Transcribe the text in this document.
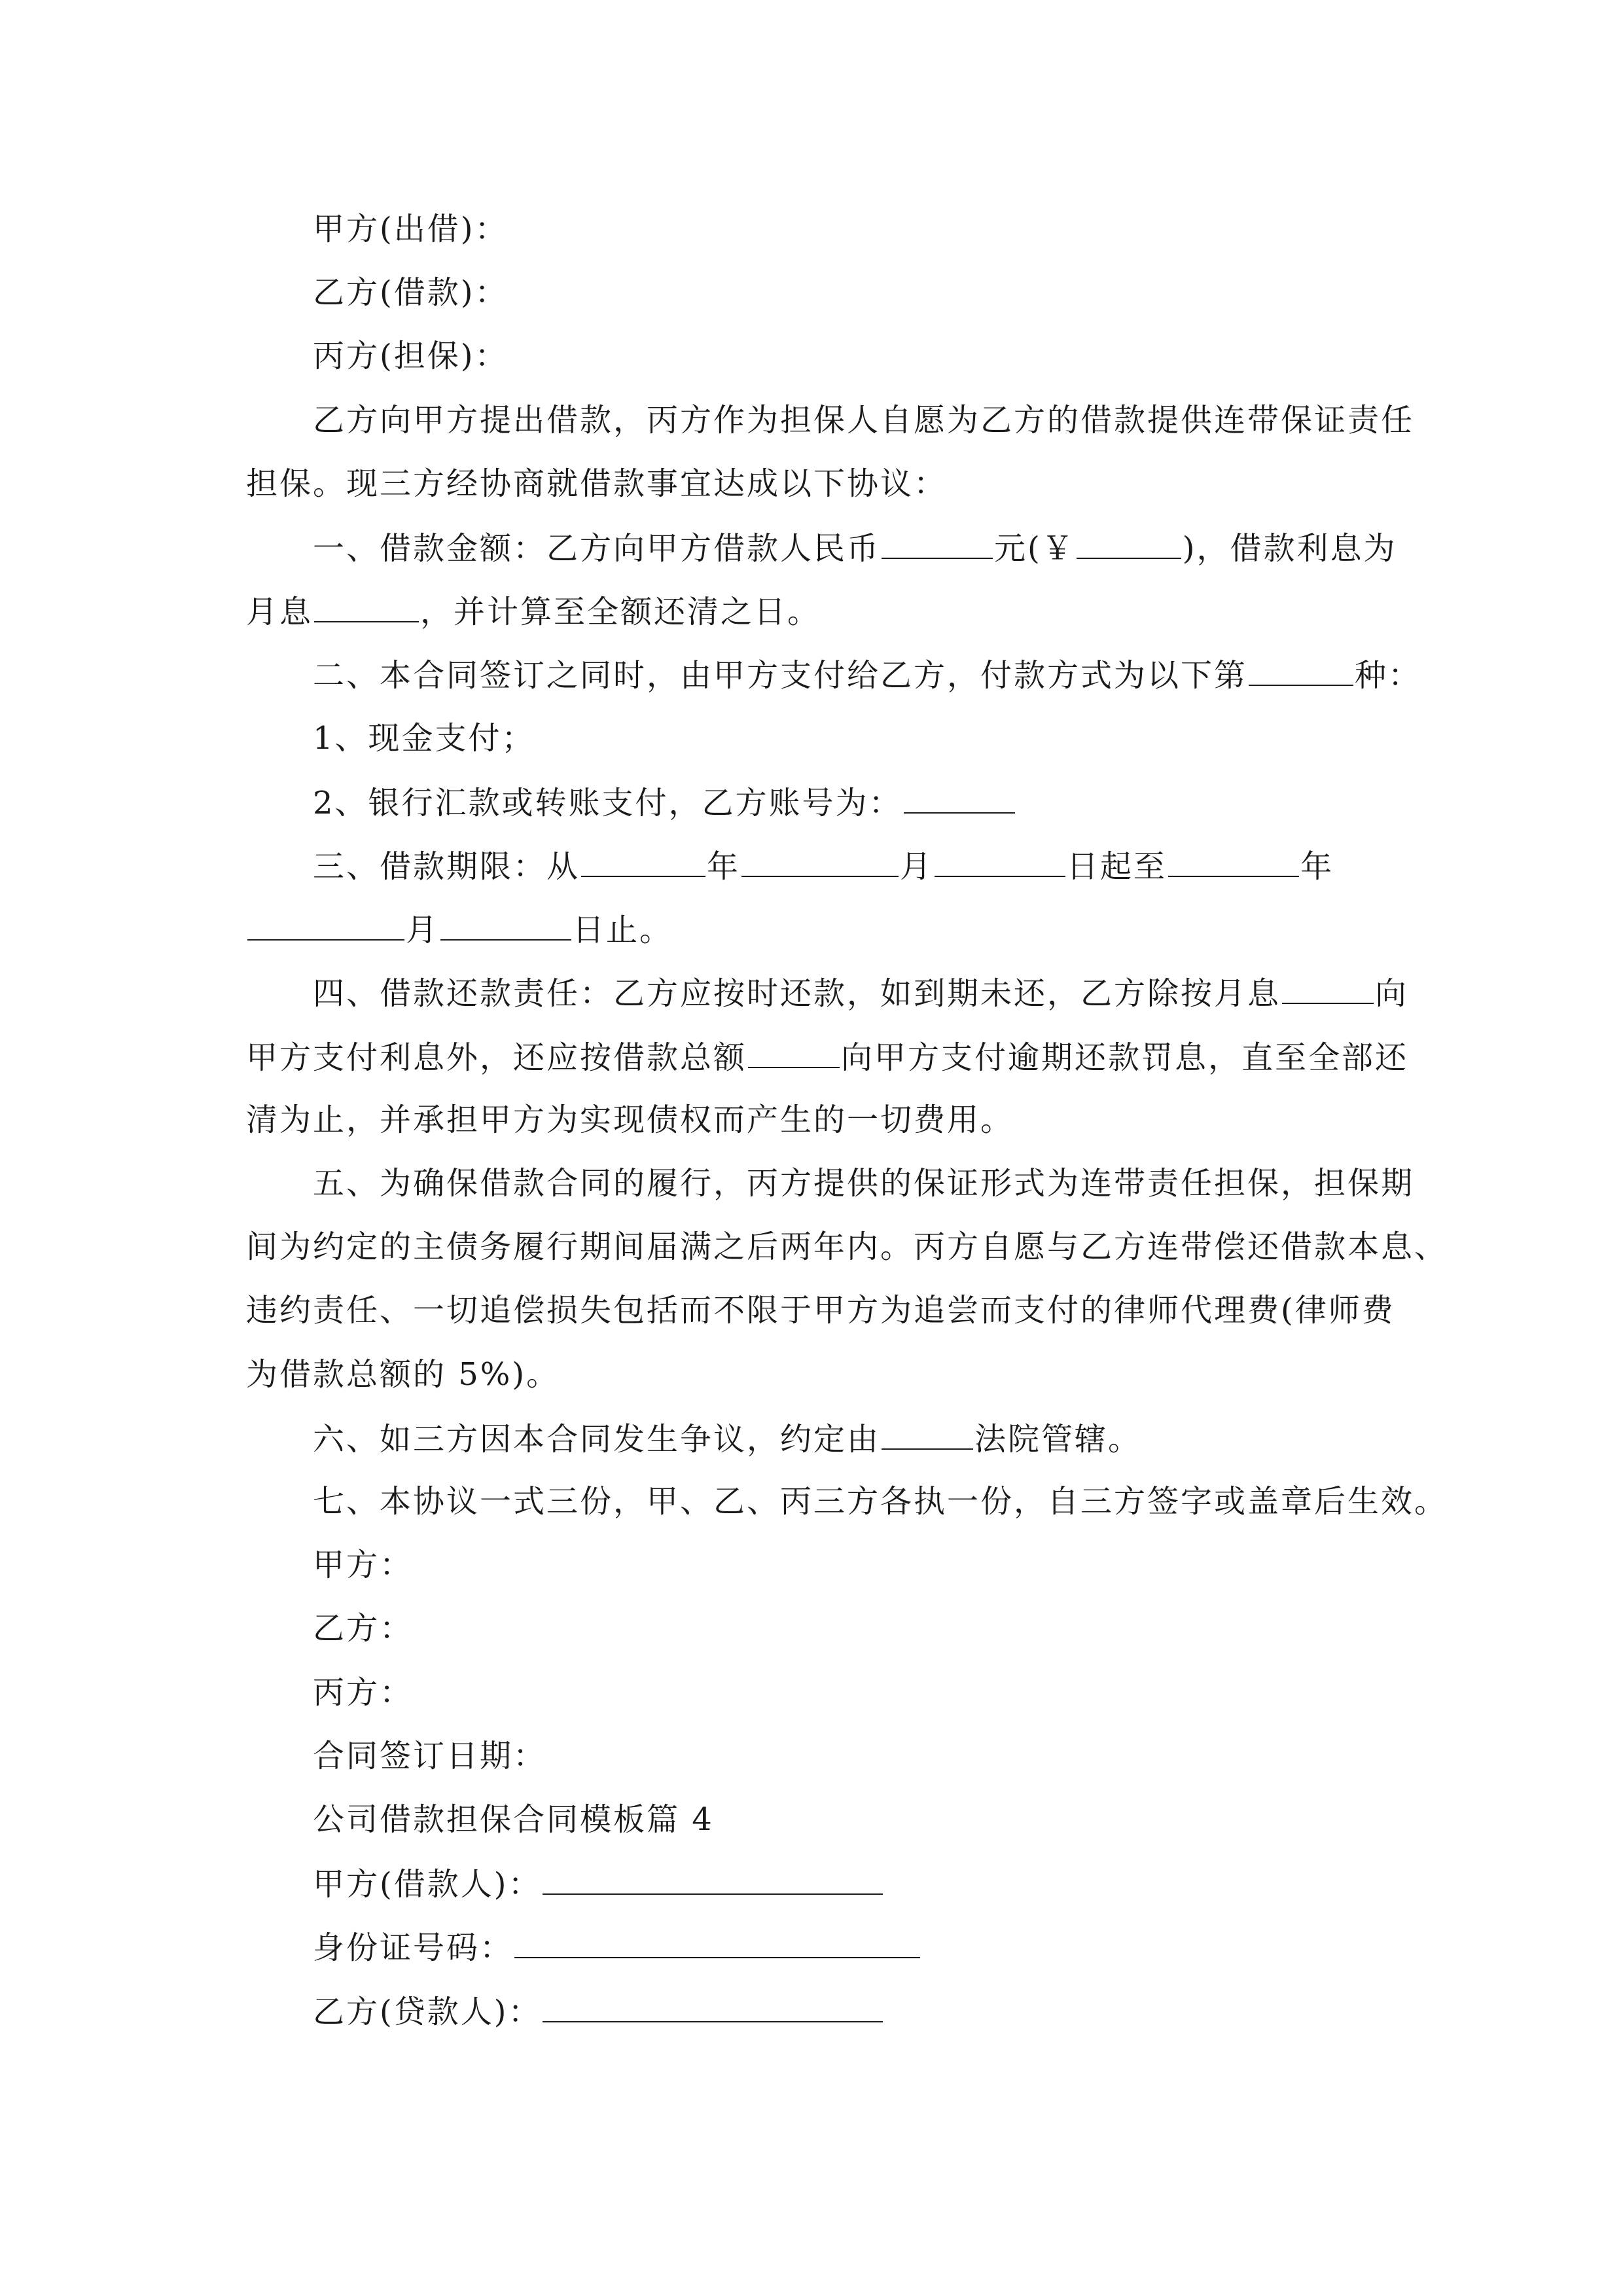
甲方(出借)：
乙方(借款)：
丙方(担保)：
乙方向甲方提出借款，丙方作为担保人自愿为乙方的借款提供连带保证责任
担保。现三方经协商就借款事宜达成以下协议：
一、借款金额：乙方向甲方借款人民币	元(￥	)，借款利息为
月息	，并计算至全额还清之日。
二、本合同签订之同时，由甲方支付给乙方，付款方式为以下第	种：
1、现金支付；
2、银行汇款或转账支付，乙方账号为：
三、借款期限：从	年	月	日起至	年
月	日止。
四、借款还款责任：乙方应按时还款，如到期未还，乙方除按月息	向
甲方支付利息外，还应按借款总额	向甲方支付逾期还款罚息，直至全部还
清为止，并承担甲方为实现债权而产生的一切费用。
五、为确保借款合同的履行，丙方提供的保证形式为连带责任担保，担保期
间为约定的主债务履行期间届满之后两年内。丙方自愿与乙方连带偿还借款本息、
违约责任、一切追偿损失包括而不限于甲方为追尝而支付的律师代理费(律师费
为借款总额的 5%)。
六、如三方因本合同发生争议，约定由	法院管辖。
七、本协议一式三份，甲、乙、丙三方各执一份，自三方签字或盖章后生效。
甲方：
乙方：
丙方：
合同签订日期：
公司借款担保合同模板篇 4
甲方(借款人)：
身份证号码：
乙方(贷款人)：
